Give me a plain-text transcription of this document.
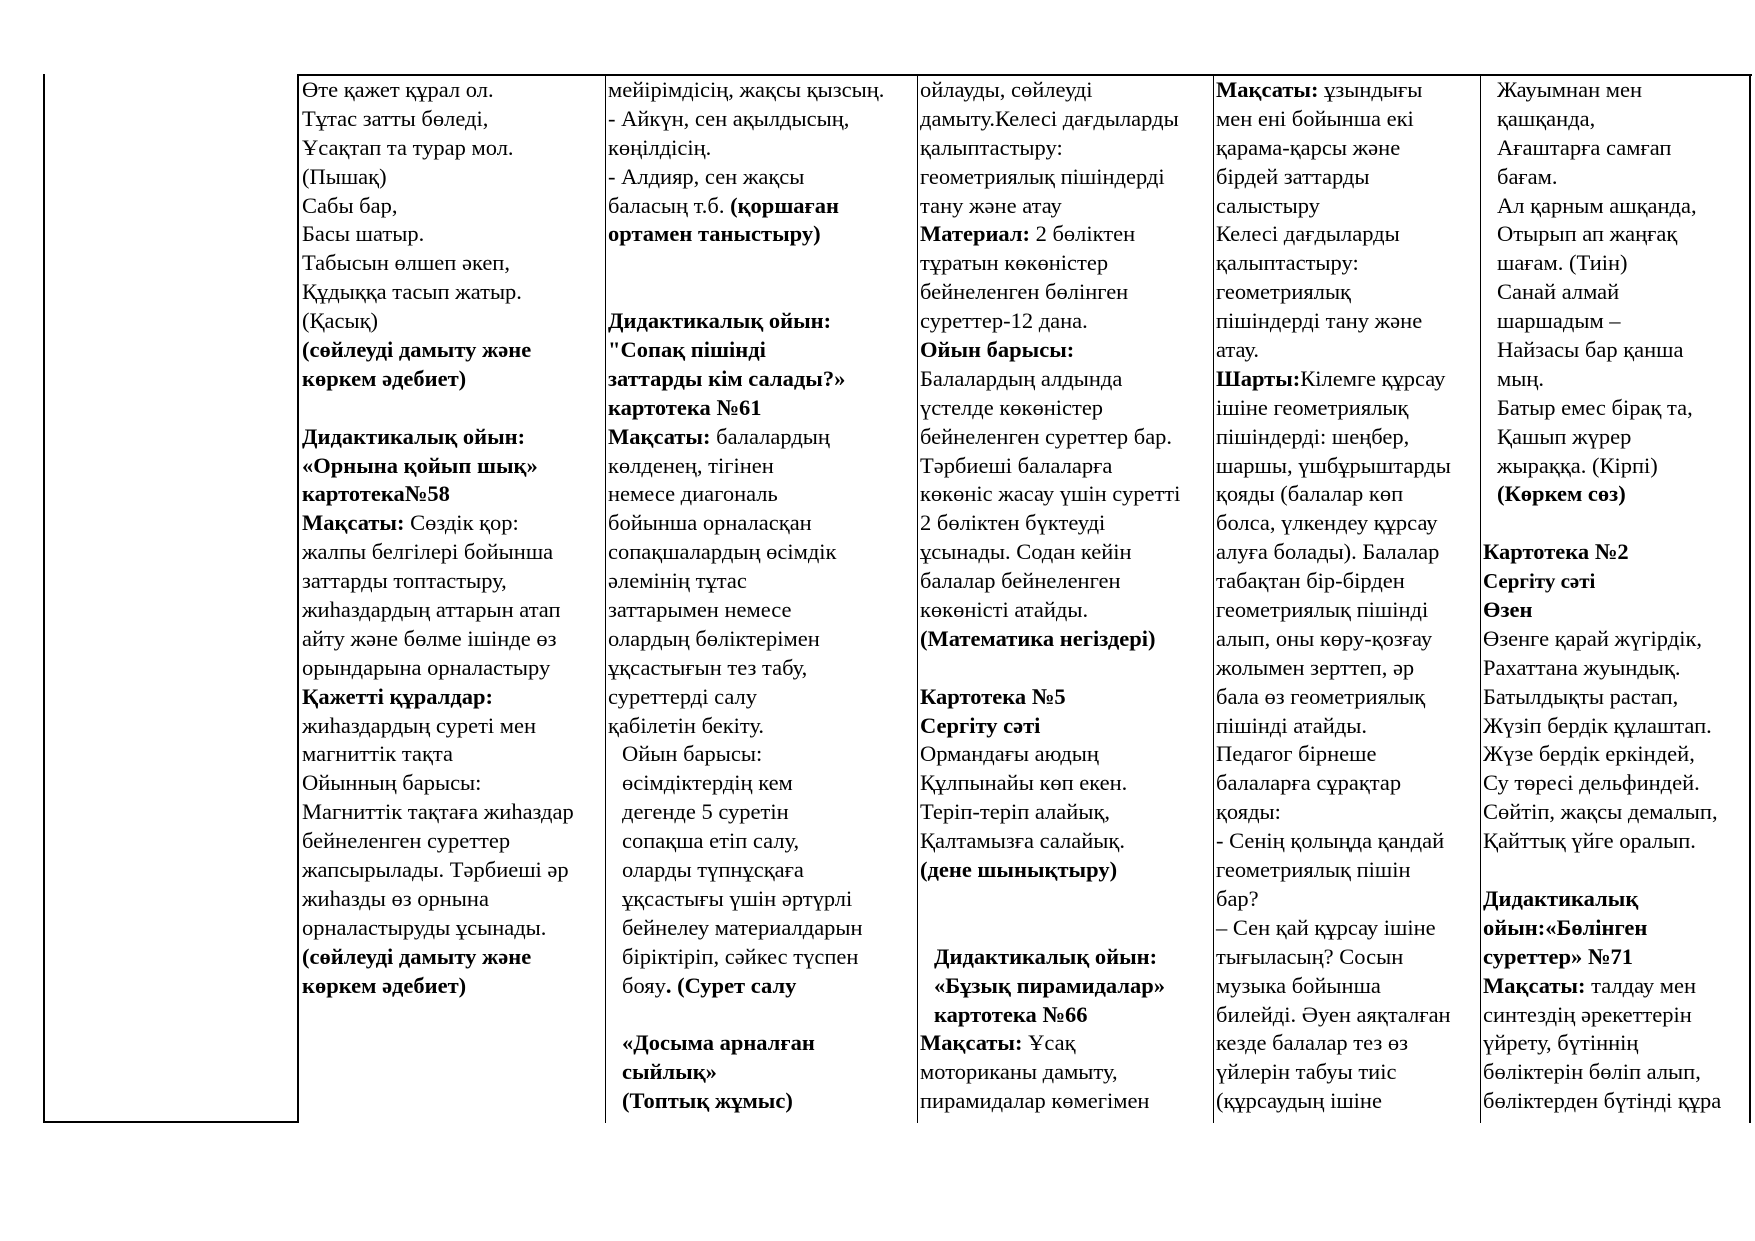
Өте қажет құрал ол.
Тұтас затты бөледі,
Ұсақтап та турар мол.
(Пышақ)
Сабы бар,
Басы шатыр.
Табысын өлшеп әкеп,
Құдыққа тасып жатыр.
(Қасық)
(сөйлеуді дамыту және
көркем әдебиет)
Дидактикалық ойын:
«Орнына қойып шық»
картотека№58
Мақсаты: Сөздік қор:
жалпы белгілері бойынша
заттарды топтастыру,
жиһаздардың аттарын атап
айту және бөлме ішінде өз
орындарына орналастыру
Қажетті құралдар:
жиһаздардың суреті мен
магниттік тақта
Ойынның барысы:
Магниттік тақтаға жиһаздар
бейнеленген суреттер
жапсырылады. Тәрбиеші әр
жиһазды өз орнына
орналастыруды ұсынады.
(сөйлеуді дамыту және
көркем әдебиет)
мейірімдісің, жақсы қызсың.
- Айкүн, сен ақылдысың,
көңілдісің.
- Алдияр, сен жақсы
баласың т.б. (қоршаған
ортамен таныстыру)
Дидактикалық ойын:
"Сопақ пішінді
заттарды кім салады?»
картотека №61
Мақсаты: балалардың
көлденең, тігінен
немесе диагональ
бойынша орналасқан
сопақшалардың өсімдік
әлемінің тұтас
заттарымен немесе
олардың бөліктерімен
ұқсастығын тез табу,
суреттерді салу
қабілетін бекіту.
Ойын барысы:
өсімдіктердің кем
дегенде 5 суретін
сопақша етіп салу,
оларды түпнұсқаға
ұқсастығы үшін әртүрлі
бейнелеу материалдарын
біріктіріп, сәйкес түспен
бояу. (Сурет салу
«Досыма арналған
сыйлық»
(Топтық жұмыс)
ойлауды, сөйлеуді
дамыту.Келесі дағдыларды
қалыптастыру:
геометриялық пішіндерді
тану және атау
Материал: 2 бөліктен
тұратын көкөністер
бейнеленген бөлінген
суреттер-12 дана.
Ойын барысы:
Балалардың алдында
үстелде көкөністер
бейнеленген суреттер бар.
Тәрбиеші балаларға
көкөніс жасау үшін суретті
2 бөліктен бүктеуді
ұсынады. Содан кейін
балалар бейнеленген
көкөністі атайды.
(Математика негіздері)
Картотека №5
Сергіту сәті
Ормандағы аюдың
Құлпынайы көп екен.
Теріп-теріп алайық,
Қалтамызға салайық.
(дене шынықтыру)
Дидактикалық ойын:
«Бұзық пирамидалар»
картотека №66
Мақсаты: Ұсақ
моториканы дамыту,
пирамидалар көмегімен
Мақсаты: ұзындығы
мен ені бойынша екі
қарама-қарсы және
бірдей заттарды
салыстыру
Келесі дағдыларды
қалыптастыру:
геометриялық
пішіндерді тану және
атау.
Шарты:Кілемге құрсау
ішіне геометриялық
пішіндерді: шеңбер,
шаршы, үшбұрыштарды
қояды (балалар көп
болса, үлкендеу құрсау
алуға болады). Балалар
табақтан бір-бірден
геометриялық пішінді
алып, оны көру-қозғау
жолымен зерттеп, әр
бала өз геометриялық
пішінді атайды.
Педагог бірнеше
балаларға сұрақтар
қояды:
- Сенің қолыңда қандай
геометриялық пішін
бар?
– Сен қай құрсау ішіне
тығыласың? Сосын
музыка бойынша
билейді. Әуен аяқталған
кезде балалар тез өз
үйлерін табуы тиіс
(құрсаудың ішіне
Жауымнан мен
қашқанда,
Ағаштарға самғап
бағам.
Ал қарным ашқанда,
Отырып ап жаңғақ
шағам. (Тиін)
Санай алмай
шаршадым –
Найзасы бар қанша
мың.
Батыр емес бірақ та,
Қашып жүрер
жыраққа. (Кірпі)
(Көркем сөз)
Картотека №2
Сергіту сәті
Өзен
Өзенге қарай жүгірдік,
Рахаттана жуындық.
Батылдықты растап,
Жүзіп бердік құлаштап.
Жүзе бердік еркіндей,
Су төресі дельфиндей.
Сөйтіп, жақсы демалып,
Қайттық үйге оралып.
Дидактикалық
ойын:«Бөлінген
суреттер» №71
Мақсаты: талдау мен
синтездің әрекеттерін
үйрету, бүтіннің
бөліктерін бөліп алып,
бөліктерден бүтінді құра
